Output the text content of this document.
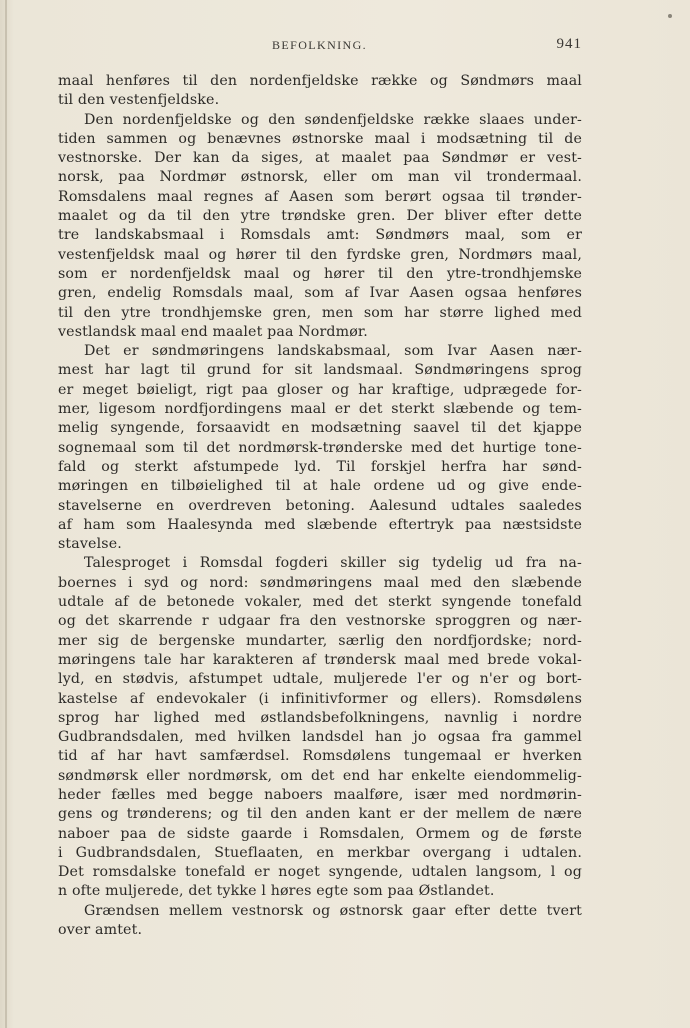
BEFOLKNING.	941
maal henføres til den nordenfjeldske række og Søndmørs maal
til den vestenfjeldske.
Den nordenfjeldske og den søndenfjeldske række slaaes under-
tiden sammen og benævnes østnorske maal i modsætning til de
vestnorske. Der kan da siges, at maalet paa Søndmør er vest-
norsk, paa Nordmør østnorsk, eller om man vil trondermaal.
Romsdalens maal regnes af Aasen som berørt ogsaa til trønder-
maalet og da til den ytre trøndske gren. Der bliver efter dette
tre landskabsmaal i Romsdals amt: Søndmørs maal, som er
vestenfjeldsk maal og hører til den fyrdske gren, Nordmørs maal,
som er nordenfjeldsk maal og hører til den ytre-trondhjemske
gren, endelig Romsdals maal, som af Ivar Aasen ogsaa henføres
til den ytre trondhjemske gren, men som har større lighed med
vestlandsk maal end maalet paa Nordmør.
Det er søndmøringens landskabsmaal, som Ivar Aasen nær-
mest har lagt til grund for sit landsmaal. Søndmøringens sprog
er meget bøieligt, rigt paa gloser og har kraftige, udprægede for-
mer, ligesom nordfjordingens maal er det sterkt slæbende og tem-
melig syngende, forsaavidt en modsætning saavel til det kjappe
sognemaal som til det nordmørsk-trønderske med det hurtige tone-
fald og sterkt afstumpede lyd. Til forskjel herfra har sønd-
møringen en tilbøielighed til at hale ordene ud og give ende-
stavelserne en overdreven betoning. Aalesund udtales saaledes
af ham som Haalesynda med slæbende eftertryk paa næstsidste
stavelse.
Talesproget i Romsdal fogderi skiller sig tydelig ud fra na-
boernes i syd og nord: søndmøringens maal med den slæbende
udtale af de betonede vokaler, med det sterkt syngende tonefald
og det skarrende r udgaar fra den vestnorske sproggren og nær-
mer sig de bergenske mundarter, særlig den nordfjordske; nord-
møringens tale har karakteren af trøndersk maal med brede vokal-
lyd, en stødvis, afstumpet udtale, muljerede l'er og n'er og bort-
kastelse af endevokaler (i infinitivformer og ellers). Romsdølens
sprog har lighed med østlandsbefolkningens, navnlig i nordre
Gudbrandsdalen, med hvilken landsdel han jo ogsaa fra gammel
tid af har havt samfærdsel. Romsdølens tungemaal er hverken
søndmørsk eller nordmørsk, om det end har enkelte eiendommelig-
heder fælles med begge naboers maalføre, især med nordmørin-
gens og trønderens; og til den anden kant er der mellem de nære
naboer paa de sidste gaarde i Romsdalen, Ormem og de første
i Gudbrandsdalen, Stueflaaten, en merkbar overgang i udtalen.
Det romsdalske tonefald er noget syngende, udtalen langsom, l og
n ofte muljerede, det tykke l høres egte som paa Østlandet.
Grændsen mellem vestnorsk og østnorsk gaar efter dette tvert
over amtet.
